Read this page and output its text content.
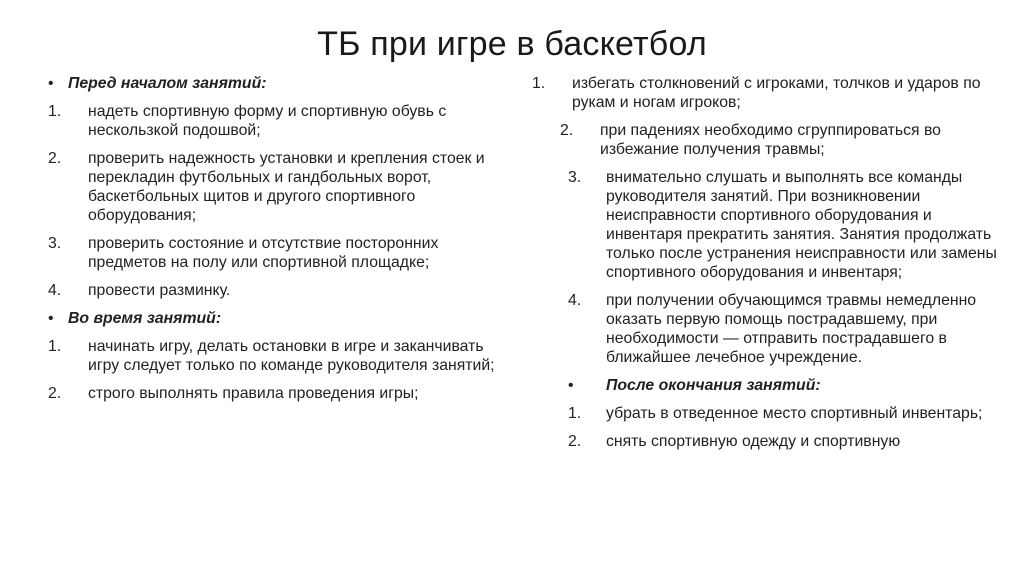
ТБ при игре в баскетбол
• Перед началом занятий:
1.	надеть спортивную форму и спортивную обувь с нескользкой подошвой;
2.	проверить надежность установки и крепления стоек и перекладин футбольных и гандбольных ворот, баскетбольных щитов и другого спортивного оборудования;
3.	проверить состояние и отсутствие посторонних предметов на полу или спортивной площадке;
4.	провести разминку.
• Во время занятий:
1.	начинать игру, делать остановки в игре и заканчивать игру следует только по команде руководителя занятий;
2.	строго выполнять правила проведения игры;
1.	избегать столкновений с игроками, толчков и ударов по рукам и ногам игроков;
2.	при падениях необходимо сгруппироваться во избежание получения травмы;
3.	внимательно слушать и выполнять все команды руководителя занятий. При возникновении неисправности спортивного оборудования и инвентаря прекратить занятия. Занятия продолжать только после устранения неисправности или замены спортивного оборудования и инвентаря;
4.	при получении обучающимся травмы немедленно оказать первую помощь пострадавшему, при необходимости — отправить пострадавшего в ближайшее лечебное учреждение.
•	После окончания занятий:
1.	убрать в отведенное место спортивный инвентарь;
2.	снять спортивную одежду и спортивную
